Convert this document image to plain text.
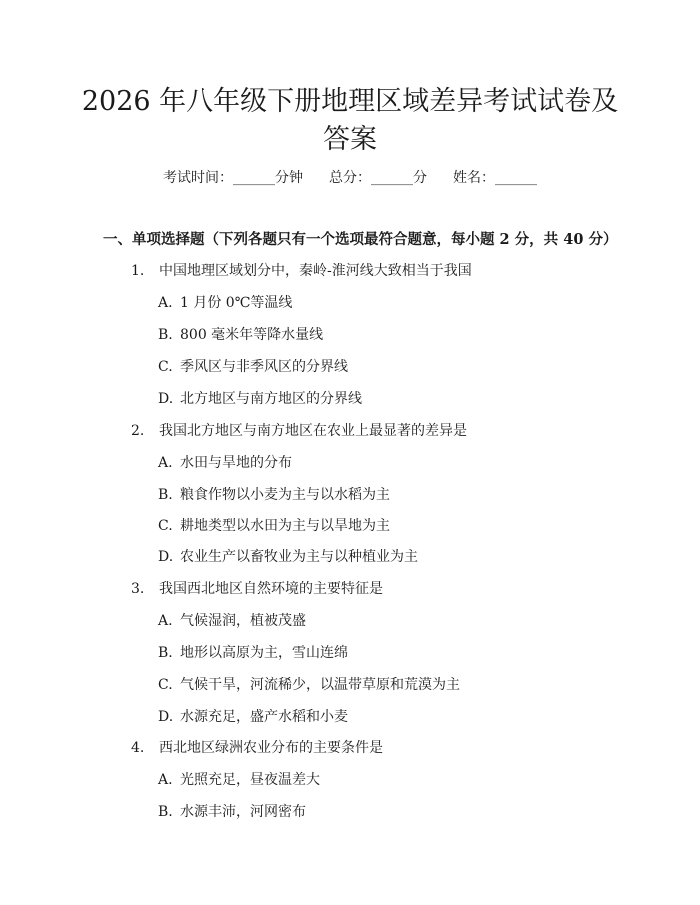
2026 年八年级下册地理区域差异考试试卷及
答案
考试时间：______分钟 总分：______分 姓名：______
一、单项选择题（下列各题只有一个选项最符合题意，每小题 2 分，共 40 分）
1. 中国地理区域划分中，秦岭-淮河线大致相当于我国
A. 1 月份 0℃等温线
B. 800 毫米年等降水量线
C. 季风区与非季风区的分界线
D. 北方地区与南方地区的分界线
2. 我国北方地区与南方地区在农业上最显著的差异是
A. 水田与旱地的分布
B. 粮食作物以小麦为主与以水稻为主
C. 耕地类型以水田为主与以旱地为主
D. 农业生产以畜牧业为主与以种植业为主
3. 我国西北地区自然环境的主要特征是
A. 气候湿润，植被茂盛
B. 地形以高原为主，雪山连绵
C. 气候干旱，河流稀少，以温带草原和荒漠为主
D. 水源充足，盛产水稻和小麦
4. 西北地区绿洲农业分布的主要条件是
A. 光照充足，昼夜温差大
B. 水源丰沛，河网密布
